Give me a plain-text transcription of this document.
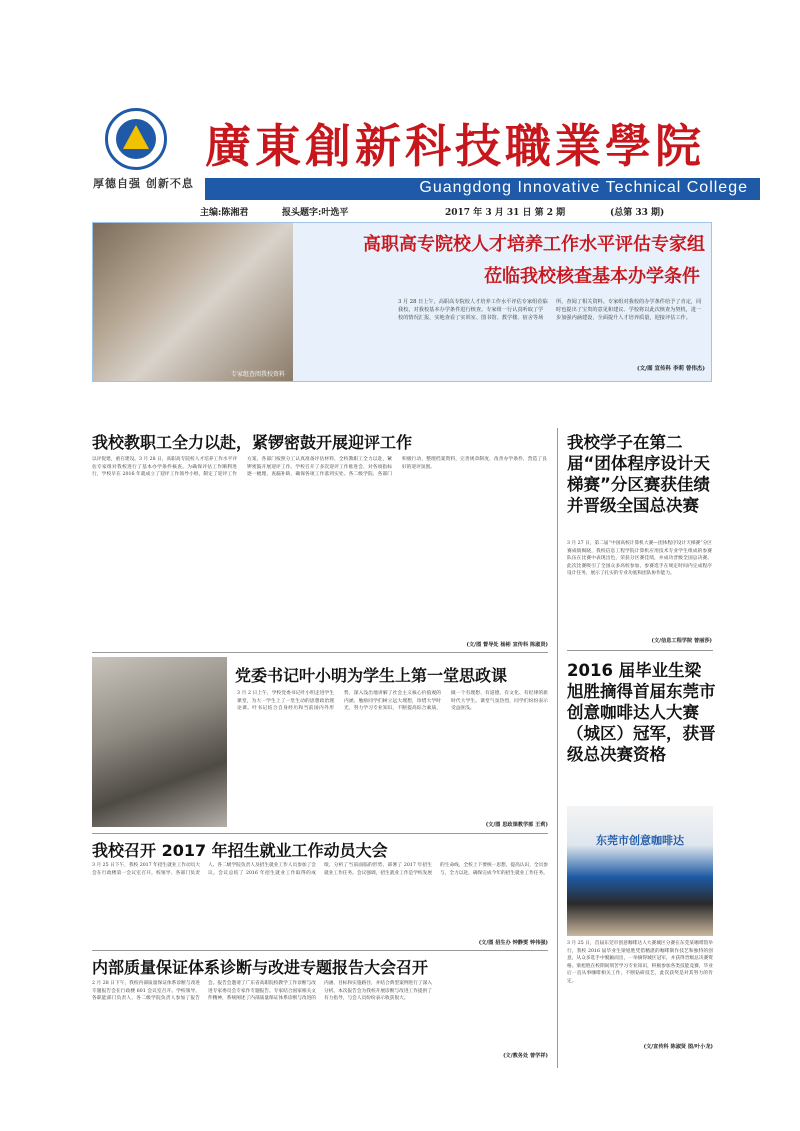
厚德自强 创新不息
廣東創新科技職業學院
Guangdong Innovative Technical College
主编:陈湘君	报头题字:叶选平	2017 年 3 月 31 日 第 2 期	(总第 33 期)
专家组查阅我校资料
高职高专院校人才培养工作水平评估专家组
莅临我校核查基本办学条件
3 月 28 日上午，高职高专院校人才培养工作水平评估专家组莅临我校，对我校基本办学条件进行核查。专家组一行认真听取了学校的情况汇报，实地查看了实训室、图书馆、教学楼、宿舍等场所，查阅了相关资料。专家组对我校的办学条件给予了肯定，同时也提出了宝贵的意见和建议。学校将以此次核查为契机，进一步加强内涵建设，全面提升人才培养质量，迎接评估工作。
(文/图 宣传科 李莉 曾伟杰)
我校教职工全力以赴，紧锣密鼓开展迎评工作
以评促建，重在建设。3 月 28 日，高职高专院校人才培养工作水平评估专家组对我校进行了基本办学条件核查。为确保评估工作顺利进行，学校早在 2016 年就成立了迎评工作领导小组，制定了迎评工作方案，各部门按照分工认真准备评估材料，全校教职工全力以赴，紧锣密鼓开展迎评工作。学校召开了多次迎评工作推进会，对各项指标逐一梳理，查漏补缺，确保各项工作落到实处。各二级学院、各部门积极行动，整理档案资料，完善规章制度，改善办学条件，营造了良好的迎评氛围。
(文/图 督导处 杨彬 宣传科 陈淑贤)
党委书记叶小明为学生上第一堂思政课
3 月 2 日上午，学校党委书记叶小明走进学生课堂，为大一学生上了一堂生动的思想政治理论课。叶书记结合自身经历和当前国内外形势，深入浅出地讲解了社会主义核心价值观的内涵，勉励同学们树立远大理想，珍惜大学时光，努力学习专业知识，不断提高综合素质，做一个有理想、有道德、有文化、有纪律的新时代大学生。课堂气氛热烈，同学们纷纷表示受益匪浅。
(文/图 思政课教学部 王莉)
我校召开 2017 年招生就业工作动员大会
3 月 25 日下午，我校 2017 年招生就业工作动员大会在行政楼第一会议室召开。校领导、各部门负责人、各二级学院负责人及招生就业工作人员参加了会议。会议总结了 2016 年招生就业工作取得的成绩，分析了当前面临的形势，部署了 2017 年招生就业工作任务。会议强调，招生就业工作是学校发展的生命线，全校上下要统一思想，提高认识，全员参与，全力以赴，确保完成今年的招生就业工作任务。
(文/图 招生办 钟静雯 钟伟强)
内部质量保证体系诊断与改进专题报告大会召开
2 月 28 日下午，我校内部质量保证体系诊断与改进专题报告会在行政楼 601 会议室召开。学校领导、各职能部门负责人、各二级学院负责人参加了报告会。报告会邀请了广东省高职院校教学工作诊断与改进专家委员会专家作专题报告。专家结合国家相关文件精神，系统阐述了内部质量保证体系诊断与改进的内涵、目标和实施路径，并结合典型案例进行了深入分析。本次报告会为我校开展诊断与改进工作提供了有力指导，与会人员纷纷表示收获很大。
(文/教务处 曾学祥)
我校学子在第二届“团体程序设计天梯赛”分区赛获佳绩并晋级全国总决赛
3 月 27 日，第二届“中国高校计算机大赛—团体程序设计天梯赛”分区赛成绩揭晓，我校信息工程学院计算机应用技术专业学生组成的参赛队伍在比赛中表现出色，荣获分区赛佳绩，并成功晋级全国总决赛。此次比赛吸引了全国众多高校参加，参赛选手在规定时间内完成程序设计任务，展示了扎实的专业功底和团队协作能力。
(文/信息工程学院 曾丽莎)
2016 届毕业生梁旭胜摘得首届东莞市创意咖啡达人大赛（城区）冠军，获晋级总决赛资格
东莞市创意咖啡达
3 月 25 日，首届东莞市创意咖啡达人大赛城区分赛在东莞某咖啡馆举行，我校 2016 届毕业生梁旭胜凭借精湛的咖啡制作技艺和独特的创意，从众多选手中脱颖而出，一举摘得城区冠军，并获得晋级总决赛资格。梁旭胜在校期间刻苦学习专业知识，积极参加各类技能竞赛，毕业后一直从事咖啡相关工作，不断钻研技艺，此次获奖是对其努力的肯定。
(文/宣传科 陈淑贤 图/叶小龙)
